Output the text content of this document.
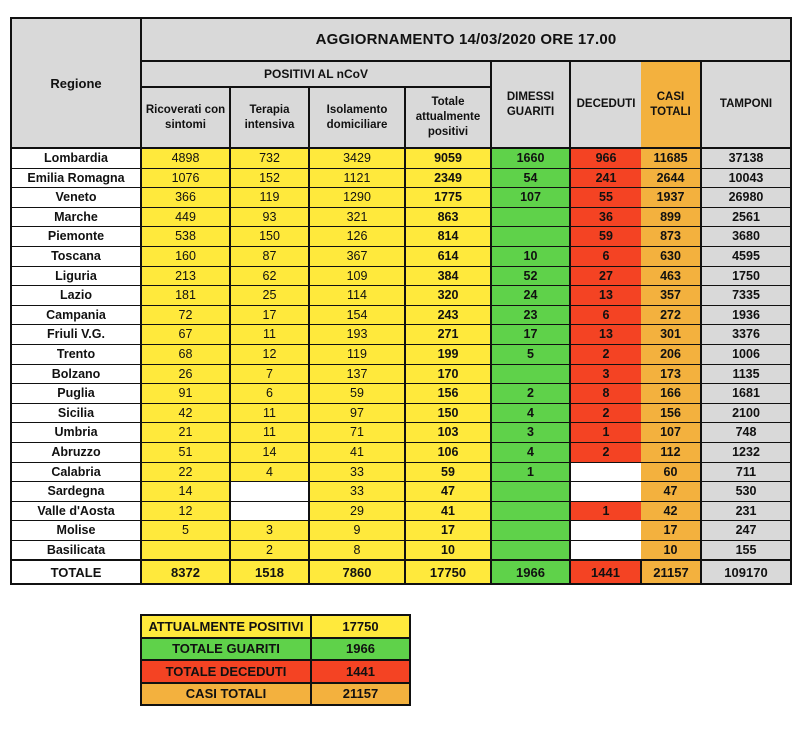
Regione	AGGIORNAMENTO 14/03/2020 ORE 17.00							
	POSITIVI AL nCoV				DIMESSI GUARITI	DECEDUTI	CASI TOTALI	TAMPONI
	Ricoverati con sintomi	Terapia intensiva	Isolamento domiciliare	Totale attualmente positivi				
Lombardia	4898	732	3429	9059	1660	966	11685	37138
Emilia Romagna	1076	152	1121	2349	54	241	2644	10043
Veneto	366	119	1290	1775	107	55	1937	26980
Marche	449	93	321	863		36	899	2561
Piemonte	538	150	126	814		59	873	3680
Toscana	160	87	367	614	10	6	630	4595
Liguria	213	62	109	384	52	27	463	1750
Lazio	181	25	114	320	24	13	357	7335
Campania	72	17	154	243	23	6	272	1936
Friuli V.G.	67	11	193	271	17	13	301	3376
Trento	68	12	119	199	5	2	206	1006
Bolzano	26	7	137	170		3	173	1135
Puglia	91	6	59	156	2	8	166	1681
Sicilia	42	11	97	150	4	2	156	2100
Umbria	21	11	71	103	3	1	107	748
Abruzzo	51	14	41	106	4	2	112	1232
Calabria	22	4	33	59	1		60	711
Sardegna	14		33	47			47	530
Valle d'Aosta	12		29	41		1	42	231
Molise	5	3	9	17			17	247
Basilicata		2	8	10			10	155
TOTALE	8372	1518	7860	17750	1966	1441	21157	109170
ATTUALMENTE POSITIVI	17750
TOTALE GUARITI	1966
TOTALE DECEDUTI	1441
CASI TOTALI	21157
